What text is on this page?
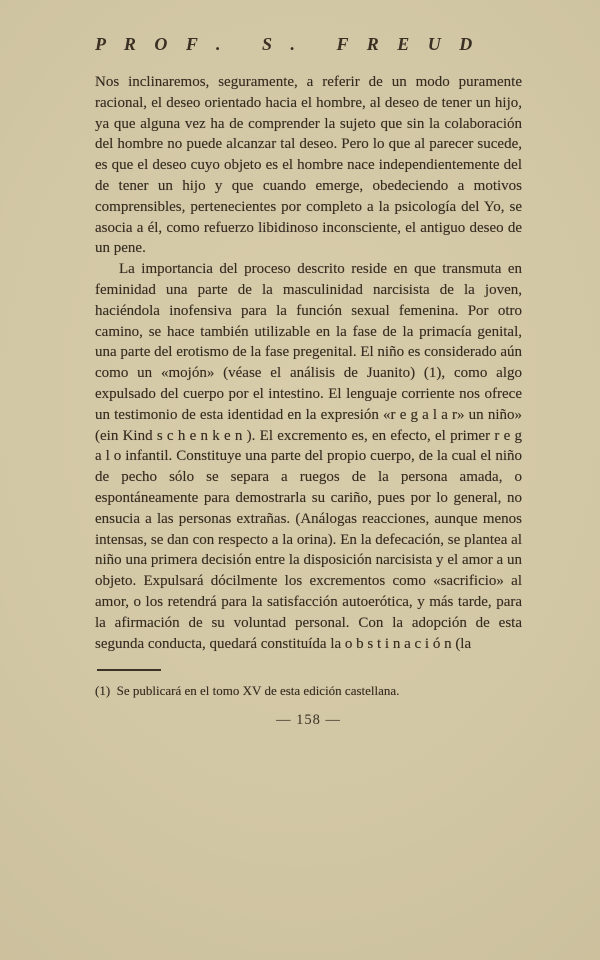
P R O F .   S .   F R E U D

Nos inclinaremos, seguramente, a referir de un modo puramente racional, el deseo orientado hacia el hombre, al deseo de tener un hijo, ya que alguna vez ha de comprender la sujeto que sin la colaboración del hombre no puede alcanzar tal deseo. Pero lo que al parecer sucede, es que el deseo cuyo objeto es el hombre nace independientemente del de tener un hijo y que cuando emerge, obedeciendo a motivos comprensibles, pertenecientes por completo a la psicología del Yo, se asocia a él, como refuerzo libidinoso inconsciente, el antiguo deseo de un pene.

La importancia del proceso descrito reside en que transmuta en feminidad una parte de la masculinidad narcisista de la joven, haciéndola inofensiva para la función sexual femenina. Por otro camino, se hace también utilizable en la fase de la primacía genital, una parte del erotismo de la fase pregenital. El niño es considerado aún como un «mojón» (véase el análisis de Juanito) (1), como algo expulsado del cuerpo por el intestino. El lenguaje corriente nos ofrece un testimonio de esta identidad en la expresión «r e g a l a r» un niño» (ein Kind s c h e n k e n ). El excremento es, en efecto, el primer r e g a l o infantil. Constituye una parte del propio cuerpo, de la cual el niño de pecho sólo se separa a ruegos de la persona amada, o espontáneamente para demostrarla su cariño, pues por lo general, no ensucia a las personas extrañas. (Análogas reacciones, aunque menos intensas, se dan con respecto a la orina). En la defecación, se plantea al niño una primera decisión entre la disposición narcisista y el amor a un objeto. Expulsará dócilmente los excrementos como «sacrificio» al amor, o los retendrá para la satisfacción autoerótica, y más tarde, para la afirmación de su voluntad personal. Con la adopción de esta segunda conducta, quedará constituída la o b s t i n a c i ó n (la

(1)  Se publicará en el tomo XV de esta edición castellana.
— 158 —
